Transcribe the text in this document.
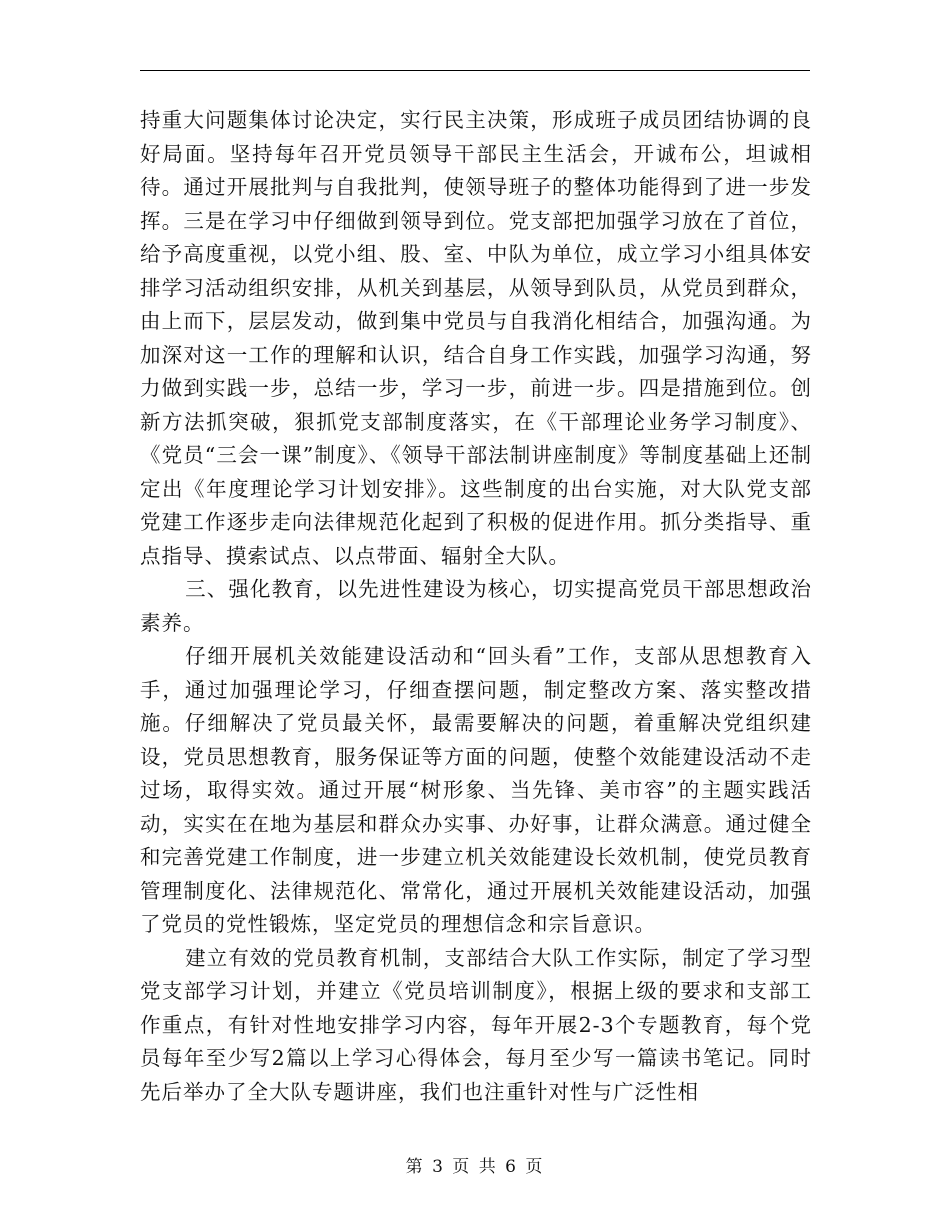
持重大问题集体讨论决定，实行民主决策，形成班子成员团结协调的良好局面。坚持每年召开党员领导干部民主生活会，开诚布公，坦诚相待。通过开展批判与自我批判，使领导班子的整体功能得到了进一步发挥。三是在学习中仔细做到领导到位。党支部把加强学习放在了首位，给予高度重视，以党小组、股、室、中队为单位，成立学习小组具体安排学习活动组织安排，从机关到基层，从领导到队员，从党员到群众，由上而下，层层发动，做到集中党员与自我消化相结合，加强沟通。为加深对这一工作的理解和认识，结合自身工作实践，加强学习沟通，努力做到实践一步，总结一步，学习一步，前进一步。四是措施到位。创新方法抓突破，狠抓党支部制度落实，在《干部理论业务学习制度》、《党员“三会一课”制度》、《领导干部法制讲座制度》等制度基础上还制定出《年度理论学习计划安排》。这些制度的出台实施，对大队党支部党建工作逐步走向法律规范化起到了积极的促进作用。抓分类指导、重点指导、摸索试点、以点带面、辐射全大队。

三、强化教育，以先进性建设为核心，切实提高党员干部思想政治素养。

仔细开展机关效能建设活动和“回头看”工作，支部从思想教育入手，通过加强理论学习，仔细查摆问题，制定整改方案、落实整改措施。仔细解决了党员最关怀，最需要解决的问题，着重解决党组织建设，党员思想教育，服务保证等方面的问题，使整个效能建设活动不走过场，取得实效。通过开展“树形象、当先锋、美市容”的主题实践活动，实实在在地为基层和群众办实事、办好事，让群众满意。通过健全和完善党建工作制度，进一步建立机关效能建设长效机制，使党员教育管理制度化、法律规范化、常常化，通过开展机关效能建设活动，加强了党员的党性锻炼，坚定党员的理想信念和宗旨意识。

建立有效的党员教育机制，支部结合大队工作实际，制定了学习型党支部学习计划，并建立《党员培训制度》，根据上级的要求和支部工作重点，有针对性地安排学习内容，每年开展2-3个专题教育，每个党员每年至少写2篇以上学习心得体会，每月至少写一篇读书笔记。同时先后举办了全大队专题讲座，我们也注重针对性与广泛性相

第 3 页 共 6 页
